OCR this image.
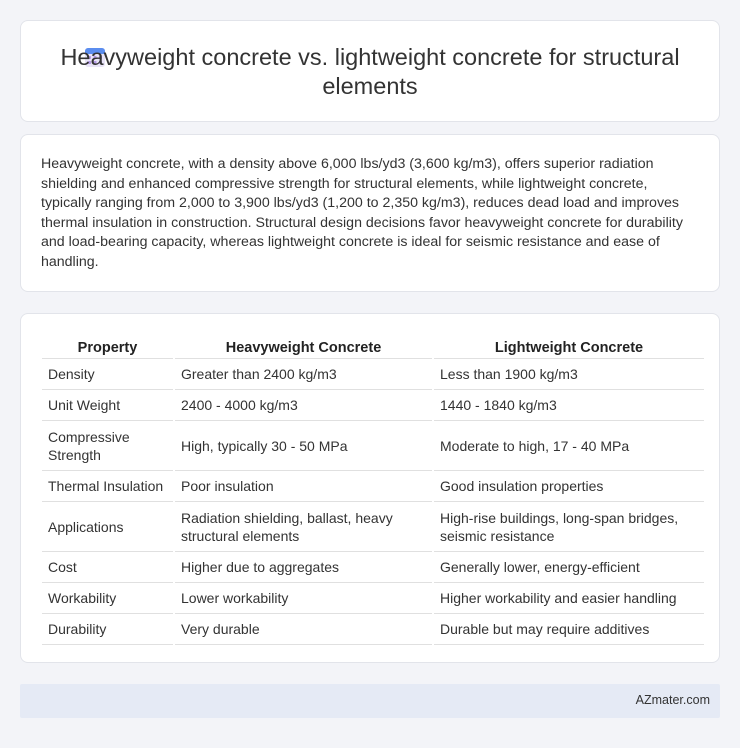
Heavyweight concrete vs. lightweight concrete for structural elements

Heavyweight concrete, with a density above 6,000 lbs/yd3 (3,600 kg/m3), offers superior radiation shielding and enhanced compressive strength for structural elements, while lightweight concrete, typically ranging from 2,000 to 3,900 lbs/yd3 (1,200 to 2,350 kg/m3), reduces dead load and improves thermal insulation in construction. Structural design decisions favor heavyweight concrete for durability and load-bearing capacity, whereas lightweight concrete is ideal for seismic resistance and ease of handling.

Property	Heavyweight Concrete	Lightweight Concrete
Density	Greater than 2400 kg/m3	Less than 1900 kg/m3
Unit Weight	2400 - 4000 kg/m3	1440 - 1840 kg/m3
Compressive Strength	High, typically 30 - 50 MPa	Moderate to high, 17 - 40 MPa
Thermal Insulation	Poor insulation	Good insulation properties
Applications	Radiation shielding, ballast, heavy structural elements	High-rise buildings, long-span bridges, seismic resistance
Cost	Higher due to aggregates	Generally lower, energy-efficient
Workability	Lower workability	Higher workability and easier handling
Durability	Very durable	Durable but may require additives
AZmater.com
